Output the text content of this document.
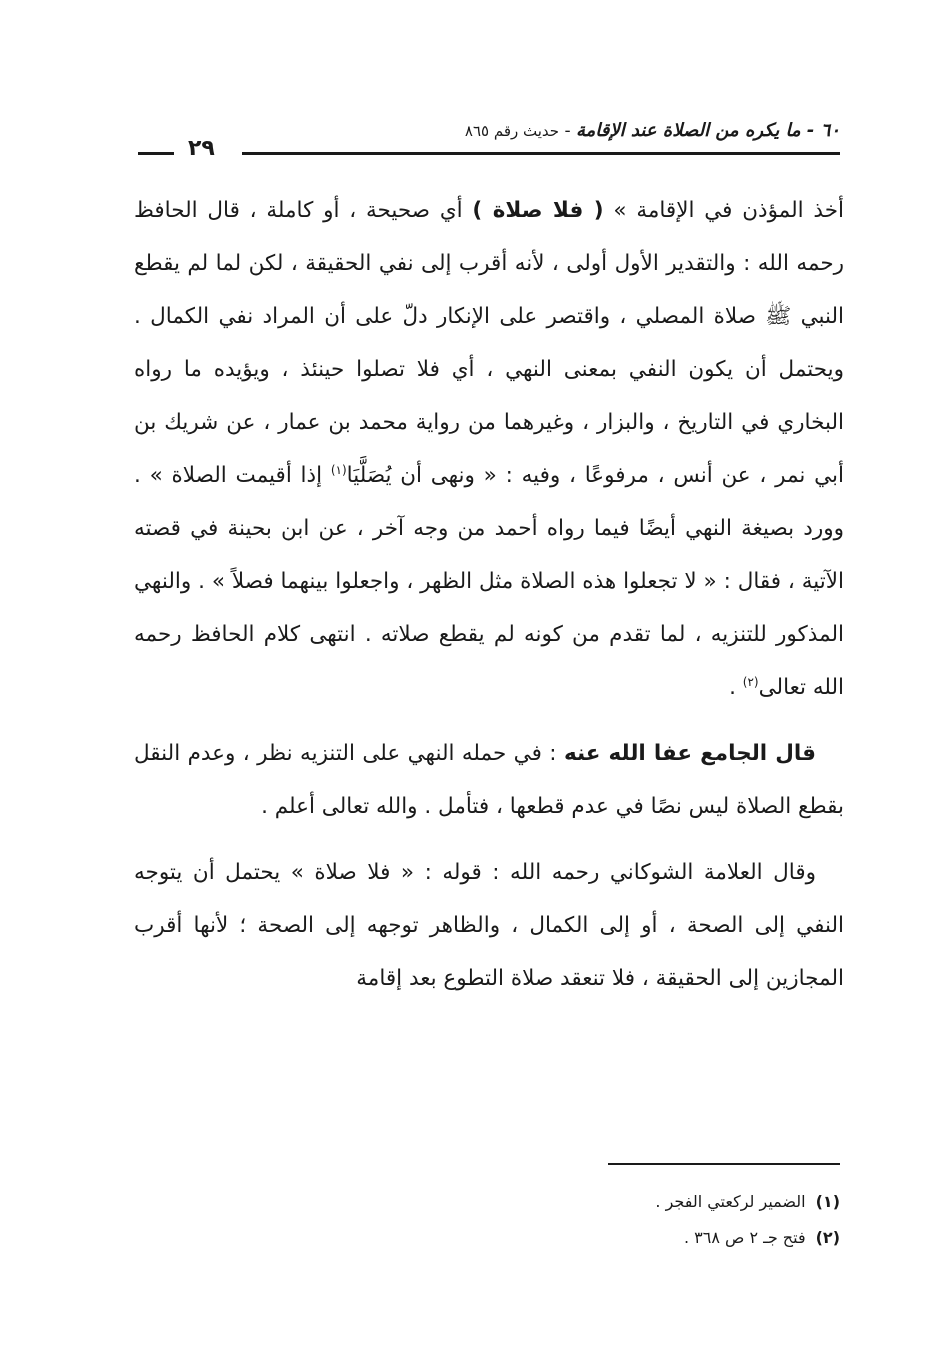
٦٠ - ما يكره من الصلاة عند الإقامة - حديث رقم ٨٦٥
٢٩

أخذ المؤذن في الإقامة » ( فلا صلاة ) أي صحيحة ، أو كاملة ، قال الحافظ رحمه الله : والتقدير الأول أولى ، لأنه أقرب إلى نفي الحقيقة ، لكن لما لم يقطع النبي ﷺ صلاة المصلي ، واقتصر على الإنكار دلّ على أن المراد نفي الكمال . ويحتمل أن يكون النفي بمعنى النهي ، أي فلا تصلوا حينئذ ، ويؤيده ما رواه البخاري في التاريخ ، والبزار ، وغيرهما من رواية محمد بن عمار ، عن شريك بن أبي نمر ، عن أنس ، مرفوعًا ، وفيه : « ونهى أن يُصَلَّيَا$^{(١)}$ إذا أقيمت الصلاة » . وورد بصيغة النهي أيضًا فيما رواه أحمد من وجه آخر ، عن ابن بحينة في قصته الآتية ، فقال : « لا تجعلوا هذه الصلاة مثل الظهر ، واجعلوا بينهما فصلاً » . والنهي المذكور للتنزيه ، لما تقدم من كونه لم يقطع صلاته . انتهى كلام الحافظ رحمه الله تعالى$^{(٢)}$ .

قال الجامع عفا الله عنه : في حمله النهي على التنزيه نظر ، وعدم النقل بقطع الصلاة ليس نصًا في عدم قطعها ، فتأمل . والله تعالى أعلم .

وقال العلامة الشوكاني رحمه الله : قوله : « فلا صلاة » يحتمل أن يتوجه النفي إلى الصحة ، أو إلى الكمال ، والظاهر توجهه إلى الصحة ؛ لأنها أقرب المجازين إلى الحقيقة ، فلا تنعقد صلاة التطوع بعد إقامة

(١)الضمير لركعتي الفجر .
(٢)فتح جـ ٢ ص ٣٦٨ .
